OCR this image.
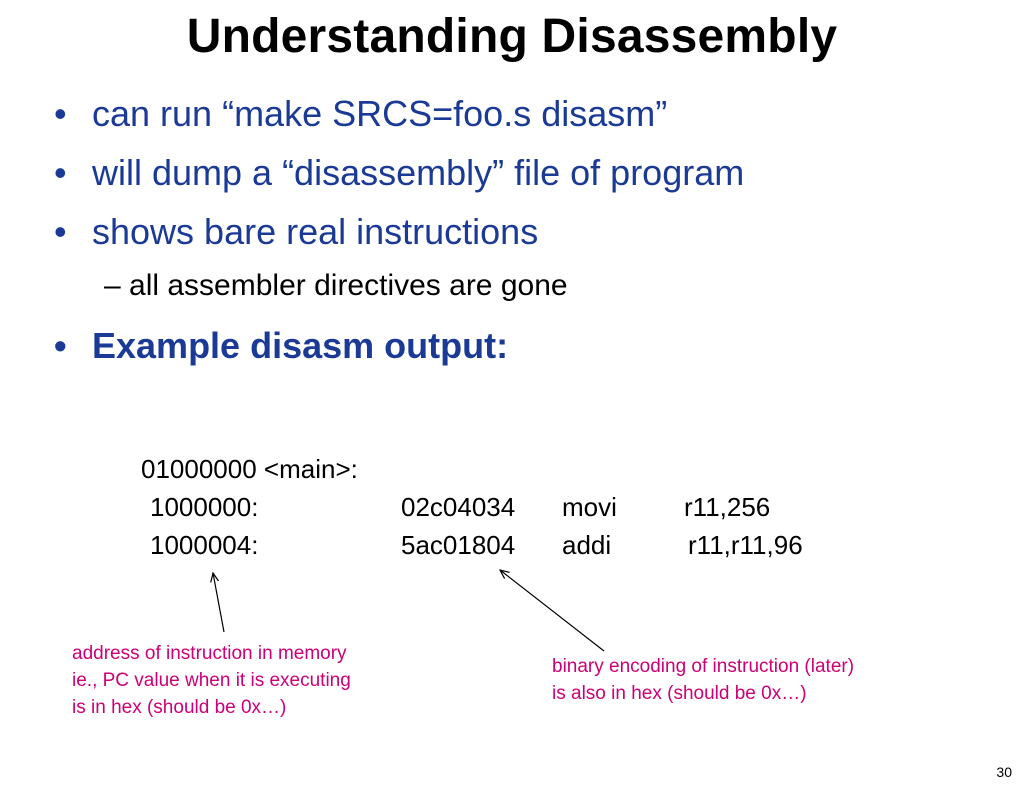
Understanding Disassembly
• can run “make SRCS=foo.s disasm”
• will dump a “disassembly” file of program
• shows bare real instructions
– all assembler directives are gone
• Example disasm output:
01000000 <main>:
1000000:	02c04034 movi	r11,256
1000004:	5ac01804 addi	r11,r11,96
address of instruction in memory
ie., PC value when it is executing
is in hex (should be 0x…)
binary encoding of instruction (later)
is also in hex (should be 0x…)
30
